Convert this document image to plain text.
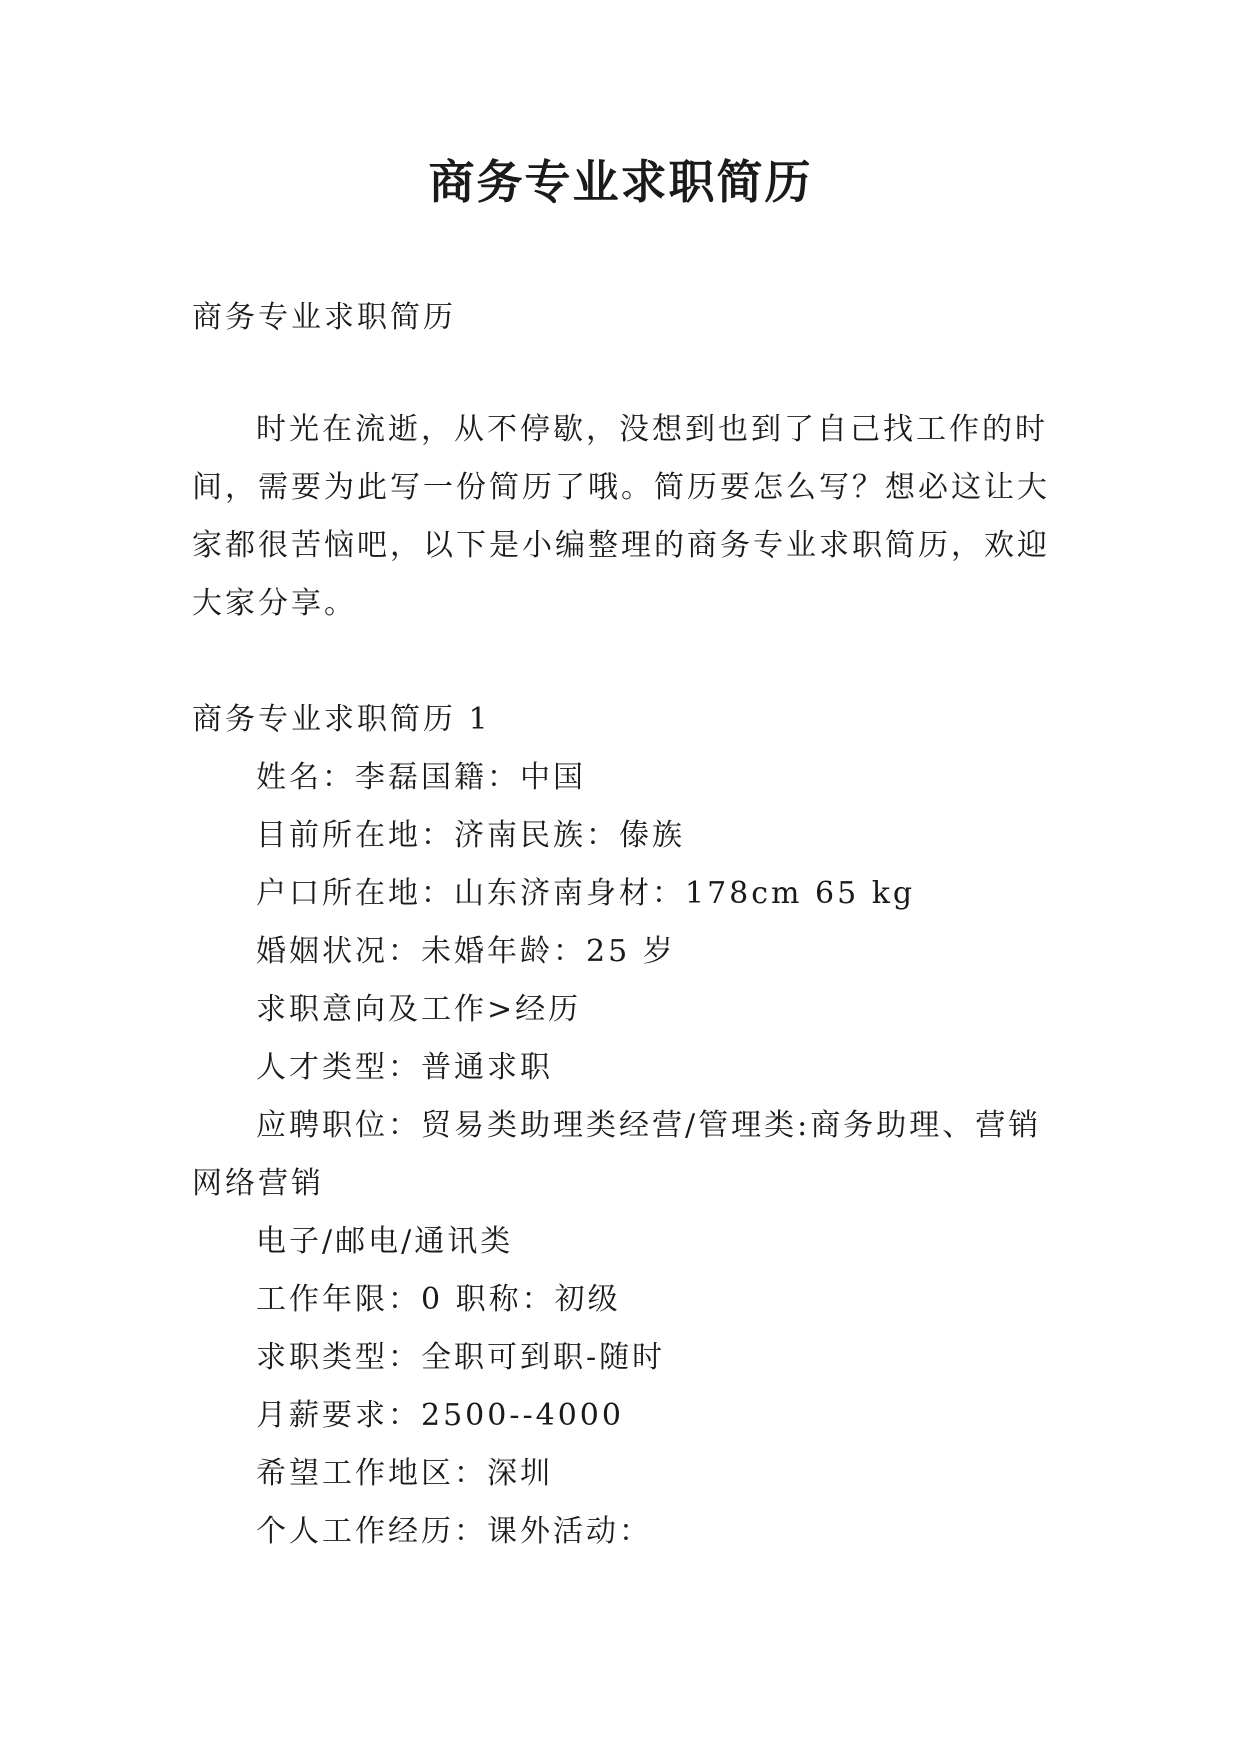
商务专业求职简历

商务专业求职简历

时光在流逝，从不停歇，没想到也到了自己找工作的时

间，需要为此写一份简历了哦。简历要怎么写？想必这让大

家都很苦恼吧，以下是小编整理的商务专业求职简历，欢迎

大家分享。

商务专业求职简历 1

姓名：李磊国籍：中国

目前所在地：济南民族：傣族

户口所在地：山东济南身材：178cm 65 kg

婚姻状况：未婚年龄：25 岁

求职意向及工作>经历

人才类型：普通求职

应聘职位：贸易类助理类经营/管理类:商务助理、营销

网络营销

电子/邮电/通讯类

工作年限：0 职称：初级

求职类型：全职可到职-随时

月薪要求：2500--4000

希望工作地区：深圳

个人工作经历：课外活动：
